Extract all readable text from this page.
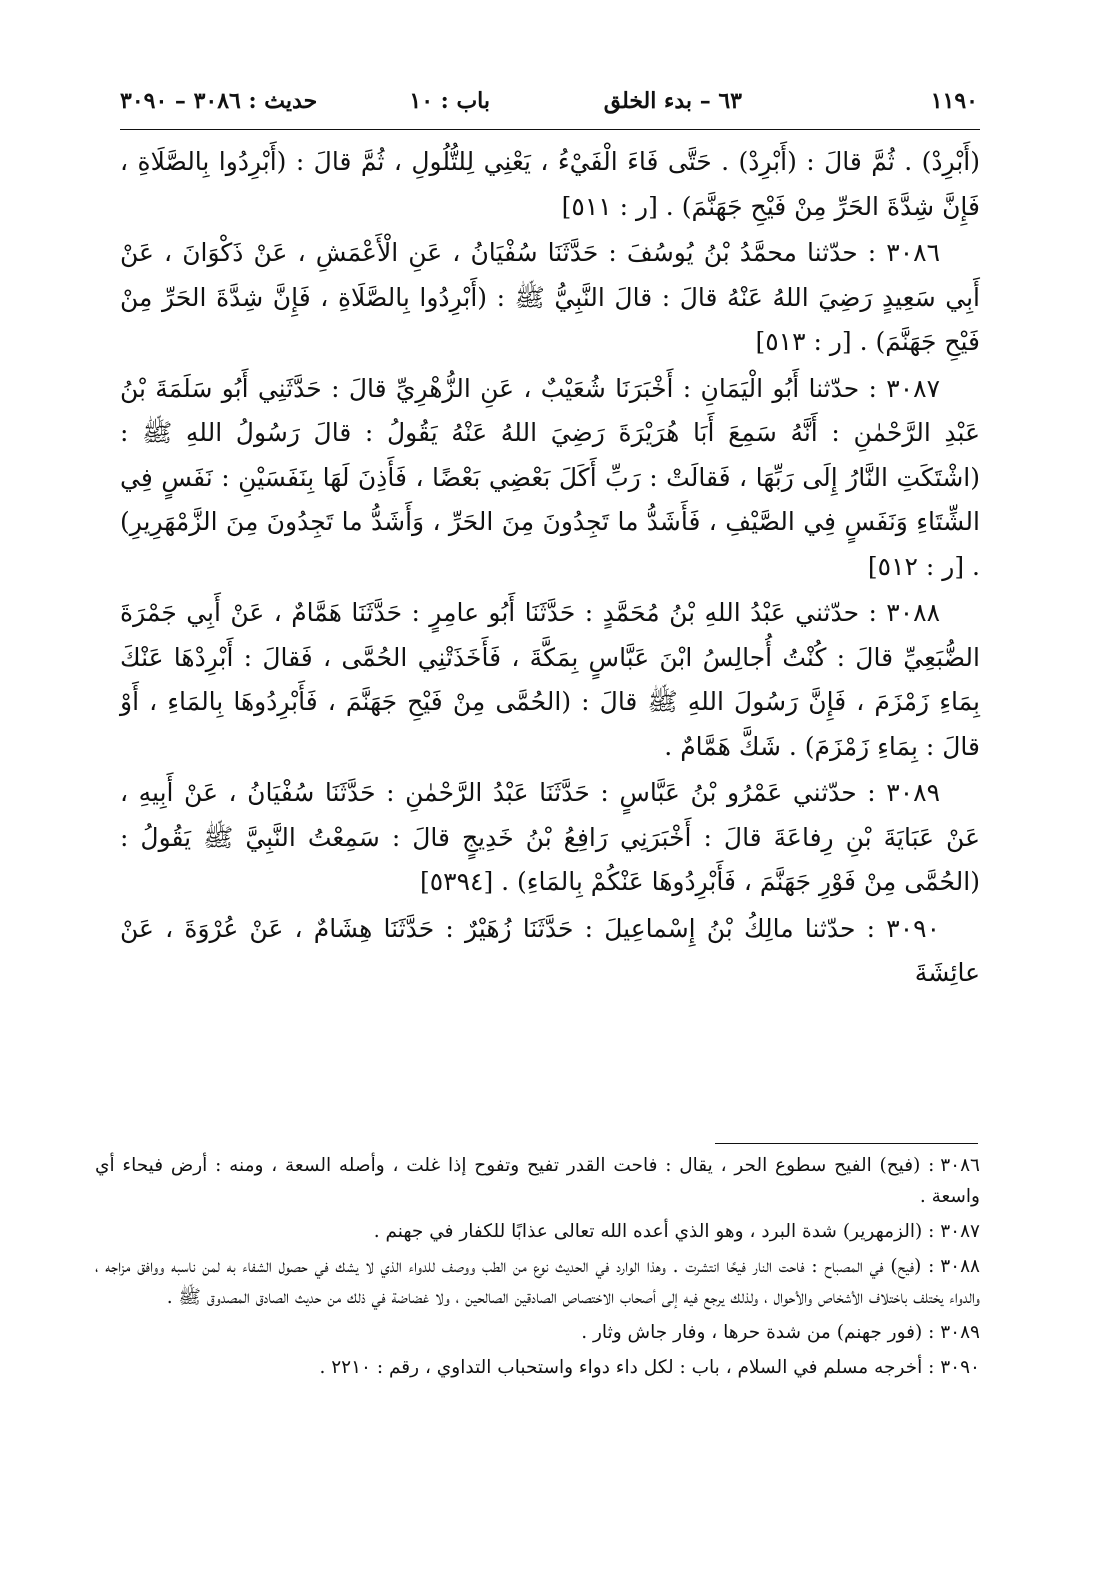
١١٩٠
٦٣ – بدء الخلق
باب : ١٠
حديث : ٣٠٨٦ – ٣٠٩٠

(أَبْرِدْ) . ثُمَّ قالَ : (أَبْرِدْ) . حَتَّى فَاءَ الْفَيْءُ ، يَعْنِي لِلتُّلُولِ ، ثُمَّ قالَ : (أَبْرِدُوا بِالصَّلَاةِ ، فَإِنَّ شِدَّةَ الحَرِّ مِنْ فَيْحِ جَهَنَّمَ) . [ر : ٥١١]

٣٠٨٦ : حدّثنا محمَّدُ بْنُ يُوسُفَ : حَدَّثَنَا سُفْيَانُ ، عَنِ الْأَعْمَشِ ، عَنْ ذَكْوَانَ ، عَنْ أَبِي سَعِيدٍ رَضِيَ اللهُ عَنْهُ قالَ : قالَ النَّبِيُّ ﷺ : (أَبْرِدُوا بِالصَّلَاةِ ، فَإِنَّ شِدَّةَ الحَرِّ مِنْ فَيْحِ جَهَنَّمَ) . [ر : ٥١٣]

٣٠٨٧ : حدّثنا أَبُو الْيَمَانِ : أَخْبَرَنَا شُعَيْبٌ ، عَنِ الزُّهْرِيِّ قالَ : حَدَّثَنِي أَبُو سَلَمَةَ بْنُ عَبْدِ الرَّحْمٰنِ : أَنَّهُ سَمِعَ أَبَا هُرَيْرَةَ رَضِيَ اللهُ عَنْهُ يَقُولُ : قالَ رَسُولُ اللهِ ﷺ : (اشْتَكَتِ النَّارُ إِلَى رَبِّهَا ، فَقالَتْ : رَبِّ أَكَلَ بَعْضِي بَعْضًا ، فَأَذِنَ لَهَا بِنَفَسَيْنِ : نَفَسٍ فِي الشِّتَاءِ وَنَفَسٍ فِي الصَّيْفِ ، فَأَشَدُّ ما تَجِدُونَ مِنَ الحَرِّ ، وَأَشَدُّ ما تَجِدُونَ مِنَ الزَّمْهَرِيرِ) . [ر : ٥١٢]

٣٠٨٨ : حدّثني عَبْدُ اللهِ بْنُ مُحَمَّدٍ : حَدَّثَنَا أَبُو عامِرٍ : حَدَّثَنَا هَمَّامٌ ، عَنْ أَبِي جَمْرَةَ الضُّبَعِيِّ قالَ : كُنْتُ أُجالِسُ ابْنَ عَبَّاسٍ بِمَكَّةَ ، فَأَخَذَتْنِي الحُمَّى ، فَقالَ : أَبْرِدْهَا عَنْكَ بِمَاءِ زَمْزَمَ ، فَإِنَّ رَسُولَ اللهِ ﷺ قالَ : (الحُمَّى مِنْ فَيْحِ جَهَنَّمَ ، فَأَبْرِدُوهَا بِالمَاءِ ، أَوْ قالَ : بِمَاءِ زَمْزَمَ) . شَكَّ هَمَّامٌ .

٣٠٨٩ : حدّثني عَمْرُو بْنُ عَبَّاسٍ : حَدَّثَنَا عَبْدُ الرَّحْمٰنِ : حَدَّثَنَا سُفْيَانُ ، عَنْ أَبِيهِ ، عَنْ عَبَايَةَ بْنِ رِفاعَةَ قالَ : أَخْبَرَنِي رَافِعُ بْنُ خَدِيجٍ قالَ : سَمِعْتُ النَّبِيَّ ﷺ يَقُولُ : (الحُمَّى مِنْ فَوْرِ جَهَنَّمَ ، فَأَبْرِدُوهَا عَنْكُمْ بِالمَاءِ) . [٥٣٩٤]

٣٠٩٠ : حدّثنا مالِكُ بْنُ إِسْماعِيلَ : حَدَّثَنَا زُهَيْرٌ : حَدَّثَنَا هِشَامٌ ، عَنْ عُرْوَةَ ، عَنْ عائِشَةَ

٣٠٨٦ : (فيح) الفيح سطوع الحر ، يقال : فاحت القدر تفيح وتفوح إذا غلت ، وأصله السعة ، ومنه : أرض فيحاء أي واسعة .

٣٠٨٧ : (الزمهرير) شدة البرد ، وهو الذي أعده الله تعالى عذابًا للكفار في جهنم .

٣٠٨٨ : (فيح) في المصباح : فاحت النار فيحًا انتشرت . وهذا الوارد في الحديث نوع من الطب ووصف للدواء الذي لا يشك في حصول الشفاء به لمن ناسبه ووافق مزاجه ، والدواء يختلف باختلاف الأشخاص والأحوال ، ولذلك يرجع فيه إلى أصحاب الاختصاص الصادقين الصالحين ، ولا غضاضة في ذلك من حديث الصادق المصدوق ﷺ .

٣٠٨٩ : (فور جهنم) من شدة حرها ، وفار جاش وثار .

٣٠٩٠ : أخرجه مسلم في السلام ، باب : لكل داء دواء واستحباب التداوي ، رقم : ٢٢١٠ .
